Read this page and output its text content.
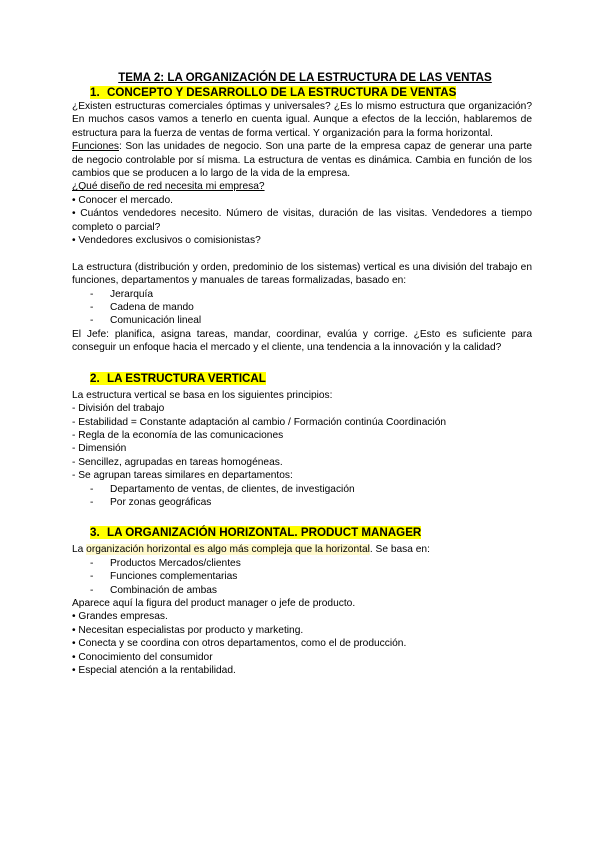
TEMA 2: LA ORGANIZACIÓN DE LA ESTRUCTURA DE LAS VENTAS
1. CONCEPTO Y DESARROLLO DE LA ESTRUCTURA DE VENTAS

¿Existen estructuras comerciales óptimas y universales? ¿Es lo mismo estructura que organización? En muchos casos vamos a tenerlo en cuenta igual. Aunque a efectos de la lección, hablaremos de estructura para la fuerza de ventas de forma vertical. Y organización para la forma horizontal.

Funciones: Son las unidades de negocio. Son una parte de la empresa capaz de generar una parte de negocio controlable por sí misma. La estructura de ventas es dinámica. Cambia en función de los cambios que se producen a lo largo de la vida de la empresa.

¿Qué diseño de red necesita mi empresa?

• Conocer el mercado.

• Cuántos vendedores necesito. Número de visitas, duración de las visitas. Vendedores a tiempo completo o parcial?

• Vendedores exclusivos o comisionistas?

La estructura (distribución y orden, predominio de los sistemas) vertical es una división del trabajo en funciones, departamentos y manuales de tareas formalizadas, basado en:

- Jerarquía
- Cadena de mando
- Comunicación lineal

El Jefe: planifica, asigna tareas, mandar, coordinar, evalúa y corrige. ¿Esto es suficiente para conseguir un enfoque hacia el mercado y el cliente, una tendencia a la innovación y la calidad?

2. LA ESTRUCTURA VERTICAL
La estructura vertical se basa en los siguientes principios:
- División del trabajo
- Estabilidad = Constante adaptación al cambio / Formación continúa Coordinación
- Regla de la economía de las comunicaciones
- Dimensión
- Sencillez, agrupadas en tareas homogéneas.
- Se agrupan tareas similares en departamentos:
- Departamento de ventas, de clientes, de investigación
- Por zonas geográficas
3. LA ORGANIZACIÓN HORIZONTAL. PRODUCT MANAGER
La organización horizontal es algo más compleja que la horizontal. Se basa en:
- Productos Mercados/clientes
- Funciones complementarias
- Combinación de ambas
Aparece aquí la figura del product manager o jefe de producto.
• Grandes empresas.
• Necesitan especialistas por producto y marketing.
• Conecta y se coordina con otros departamentos, como el de producción.
• Conocimiento del consumidor
• Especial atención a la rentabilidad.
